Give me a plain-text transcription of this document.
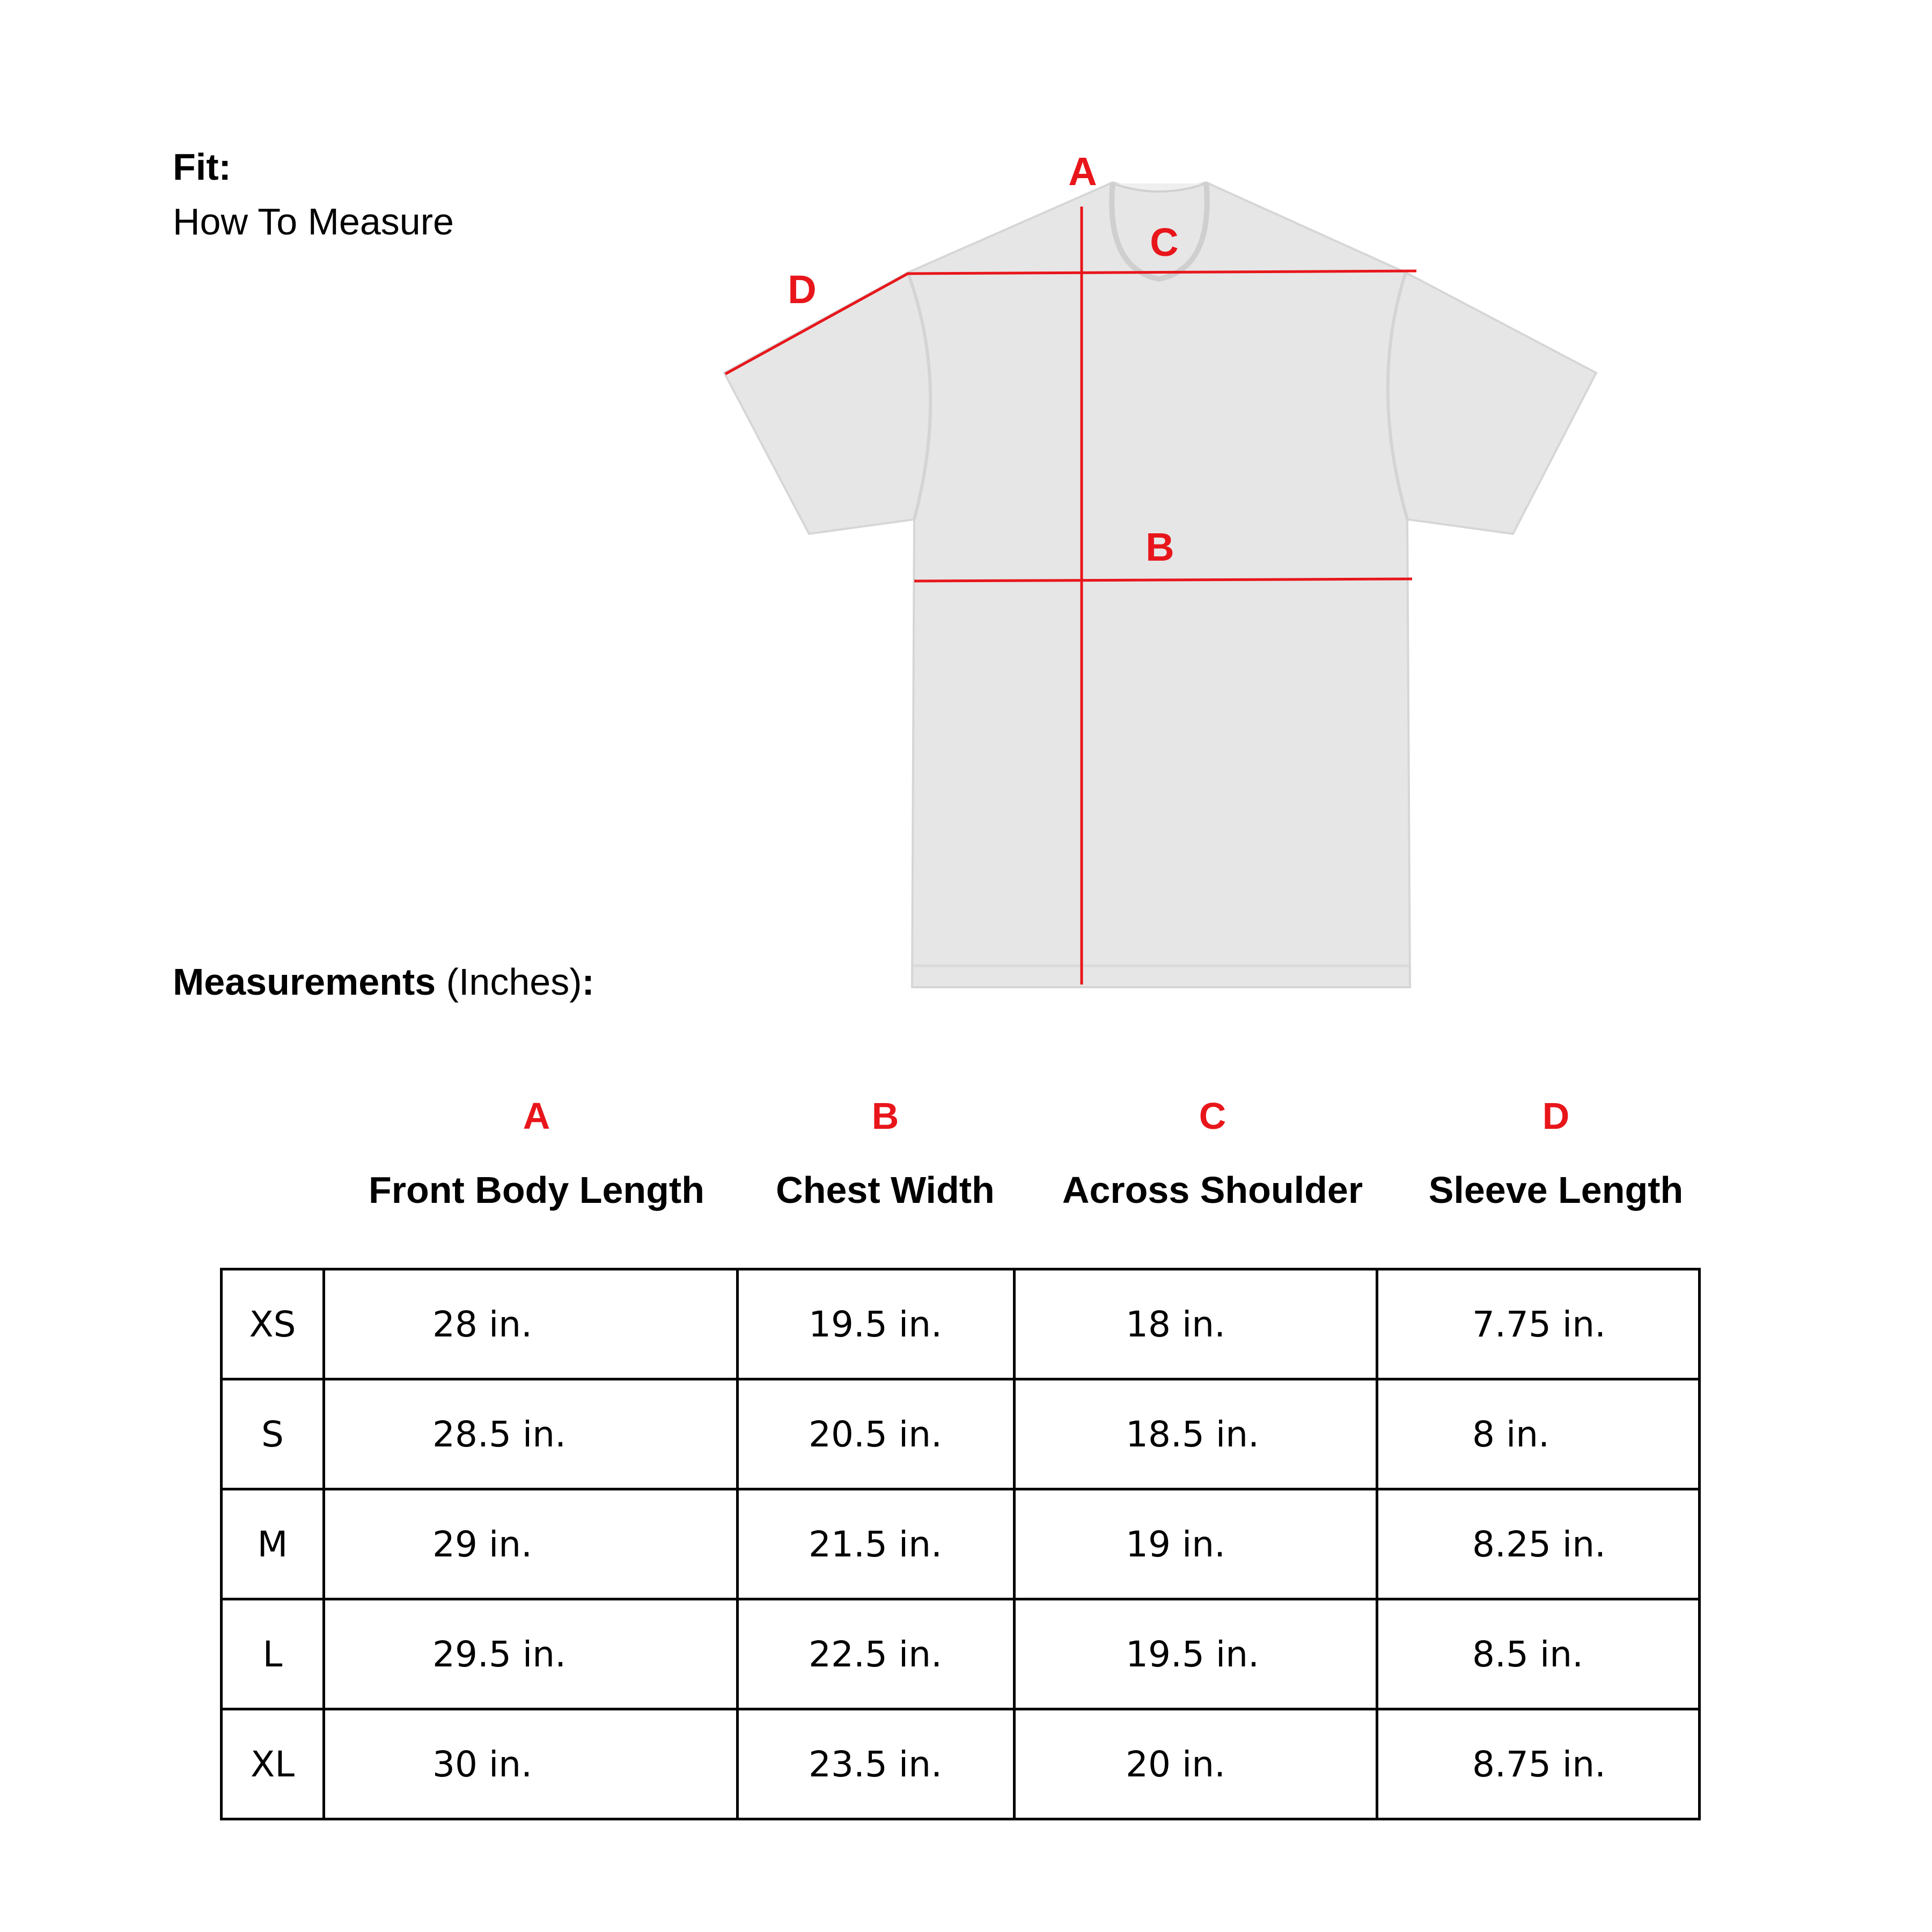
Fit:
How To Measure
A
C
D
B
Measurements (Inches):
A
Front Body Length
B
Chest Width
C
Across Shoulder
D
Sleeve Length
XS	28 in.	19.5 in.	18 in.	7.75 in.
S	28.5 in.	20.5 in.	18.5 in.	8 in.
M	29 in.	21.5 in.	19 in.	8.25 in.
L	29.5 in.	22.5 in.	19.5 in.	8.5 in.
XL	30 in.	23.5 in.	20 in.	8.75 in.
